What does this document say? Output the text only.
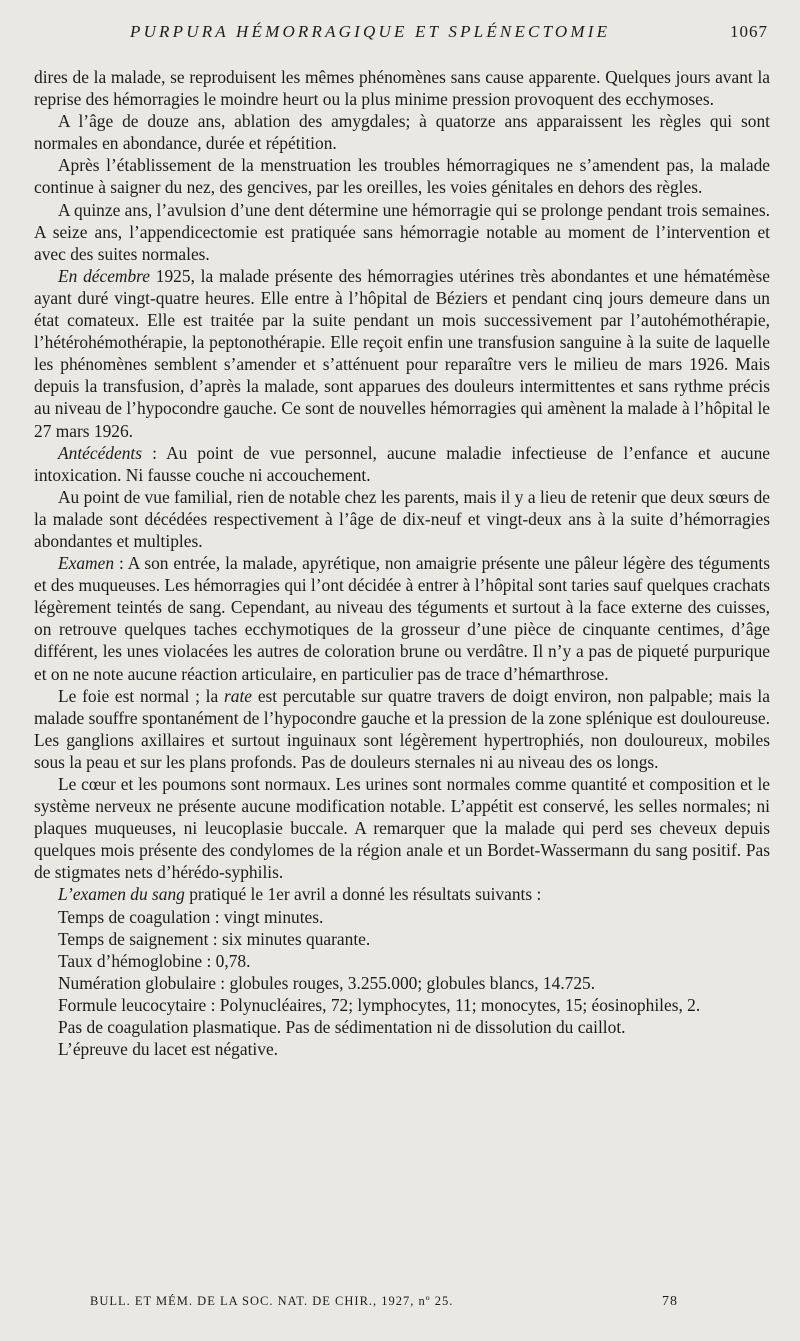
PURPURA HÉMORRAGIQUE ET SPLÉNECTOMIE	1067

dires de la malade, se reproduisent les mêmes phénomènes sans cause apparente. Quelques jours avant la reprise des hémorragies le moindre heurt ou la plus minime pression provoquent des ecchymoses.

A l’âge de douze ans, ablation des amygdales; à quatorze ans apparaissent les règles qui sont normales en abondance, durée et répétition.

Après l’établissement de la menstruation les troubles hémorragiques ne s’amendent pas, la malade continue à saigner du nez, des gencives, par les oreilles, les voies génitales en dehors des règles.

A quinze ans, l’avulsion d’une dent détermine une hémorragie qui se prolonge pendant trois semaines. A seize ans, l’appendicectomie est pratiquée sans hémorragie notable au moment de l’intervention et avec des suites normales.

En décembre 1925, la malade présente des hémorragies utérines très abondantes et une hématémèse ayant duré vingt-quatre heures. Elle entre à l’hôpital de Béziers et pendant cinq jours demeure dans un état comateux. Elle est traitée par la suite pendant un mois successivement par l’autohémothérapie, l’hétérohémothérapie, la peptonothérapie. Elle reçoit enfin une transfusion sanguine à la suite de laquelle les phénomènes semblent s’amender et s’atténuent pour reparaître vers le milieu de mars 1926. Mais depuis la transfusion, d’après la malade, sont apparues des douleurs intermittentes et sans rythme précis au niveau de l’hypocondre gauche. Ce sont de nouvelles hémorragies qui amènent la malade à l’hôpital le 27 mars 1926.

Antécédents : Au point de vue personnel, aucune maladie infectieuse de l’enfance et aucune intoxication. Ni fausse couche ni accouchement.

Au point de vue familial, rien de notable chez les parents, mais il y a lieu de retenir que deux sœurs de la malade sont décédées respectivement à l’âge de dix-neuf et vingt-deux ans à la suite d’hémorragies abondantes et multiples.

Examen : A son entrée, la malade, apyrétique, non amaigrie présente une pâleur légère des téguments et des muqueuses. Les hémorragies qui l’ont décidée à entrer à l’hôpital sont taries sauf quelques crachats légèrement teintés de sang. Cependant, au niveau des téguments et surtout à la face externe des cuisses, on retrouve quelques taches ecchymotiques de la grosseur d’une pièce de cinquante centimes, d’âge différent, les unes violacées les autres de coloration brune ou verdâtre. Il n’y a pas de piqueté purpurique et on ne note aucune réaction articulaire, en particulier pas de trace d’hémarthrose.

Le foie est normal ; la rate est percutable sur quatre travers de doigt environ, non palpable; mais la malade souffre spontanément de l’hypocondre gauche et la pression de la zone splénique est douloureuse. Les ganglions axillaires et surtout inguinaux sont légèrement hypertrophiés, non douloureux, mobiles sous la peau et sur les plans profonds. Pas de douleurs sternales ni au niveau des os longs.

Le cœur et les poumons sont normaux. Les urines sont normales comme quantité et composition et le système nerveux ne présente aucune modification notable. L’appétit est conservé, les selles normales; ni plaques muqueuses, ni leucoplasie buccale. A remarquer que la malade qui perd ses cheveux depuis quelques mois présente des condylomes de la région anale et un Bordet-Wassermann du sang positif. Pas de stigmates nets d’hérédo-syphilis.

L’examen du sang pratiqué le 1er avril a donné les résultats suivants :

Temps de coagulation : vingt minutes.

Temps de saignement : six minutes quarante.

Taux d’hémoglobine : 0,78.

Numération globulaire : globules rouges, 3.255.000; globules blancs, 14.725.

Formule leucocytaire : Polynucléaires, 72; lymphocytes, 11; monocytes, 15; éosinophiles, 2.

Pas de coagulation plasmatique. Pas de sédimentation ni de dissolution du caillot.

L’épreuve du lacet est négative.

BULL. ET MÉM. DE LA SOC. NAT. DE CHIR., 1927, nº 25.	78
